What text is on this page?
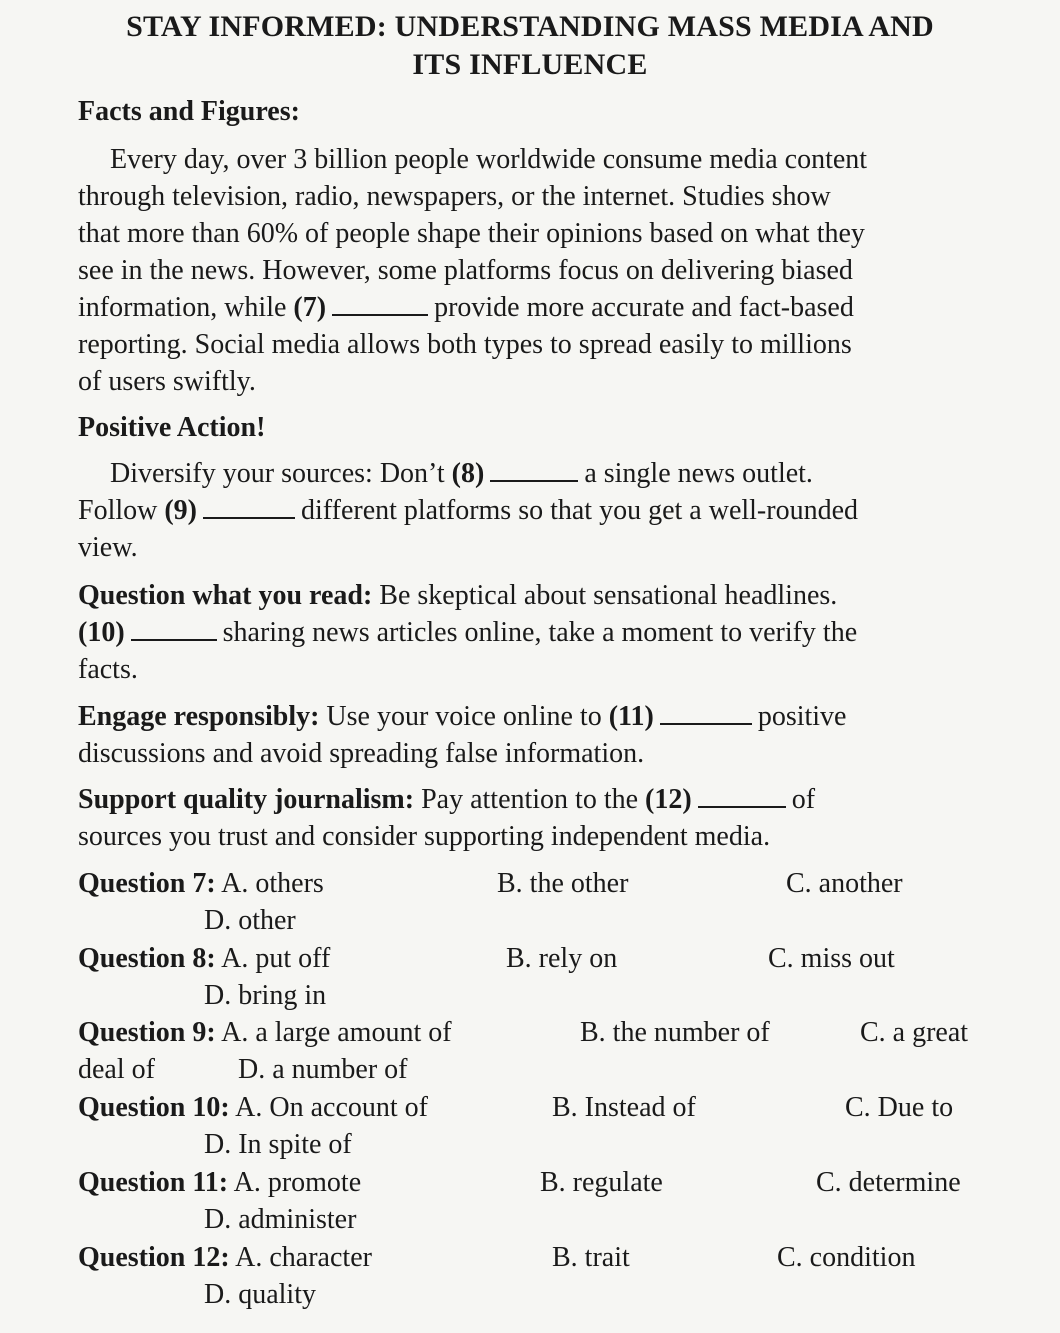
STAY INFORMED: UNDERSTANDING MASS MEDIA AND
ITS INFLUENCE
Facts and Figures:
Every day, over 3 billion people worldwide consume media content
through television, radio, newspapers, or the internet. Studies show
that more than 60% of people shape their opinions based on what they
see in the news. However, some platforms focus on delivering biased
information, while (7)	provide more accurate and fact-based
reporting. Social media allows both types to spread easily to millions
of users swiftly.
Positive Action!
Diversify your sources: Don’t (8)	a single news outlet.
Follow (9)	different platforms so that you get a well-rounded
view.
Question what you read: Be skeptical about sensational headlines.
(10)	sharing news articles online, take a moment to verify the
facts.
Engage responsibly: Use your voice online to (11)	positive
discussions and avoid spreading false information.
Support quality journalism: Pay attention to the (12)	of
sources you trust and consider supporting independent media.
Question 7: A. others	B. the other	C. another
D. other
Question 8: A. put off	B. rely on	C. miss out
D. bring in
Question 9: A. a large amount of	B. the number of	C. a great
deal of	D. a number of
Question 10: A. On account of	B. Instead of	C. Due to
D. In spite of
Question 11: A. promote	B. regulate	C. determine
D. administer
Question 12: A. character	B. trait	C. condition
D. quality
